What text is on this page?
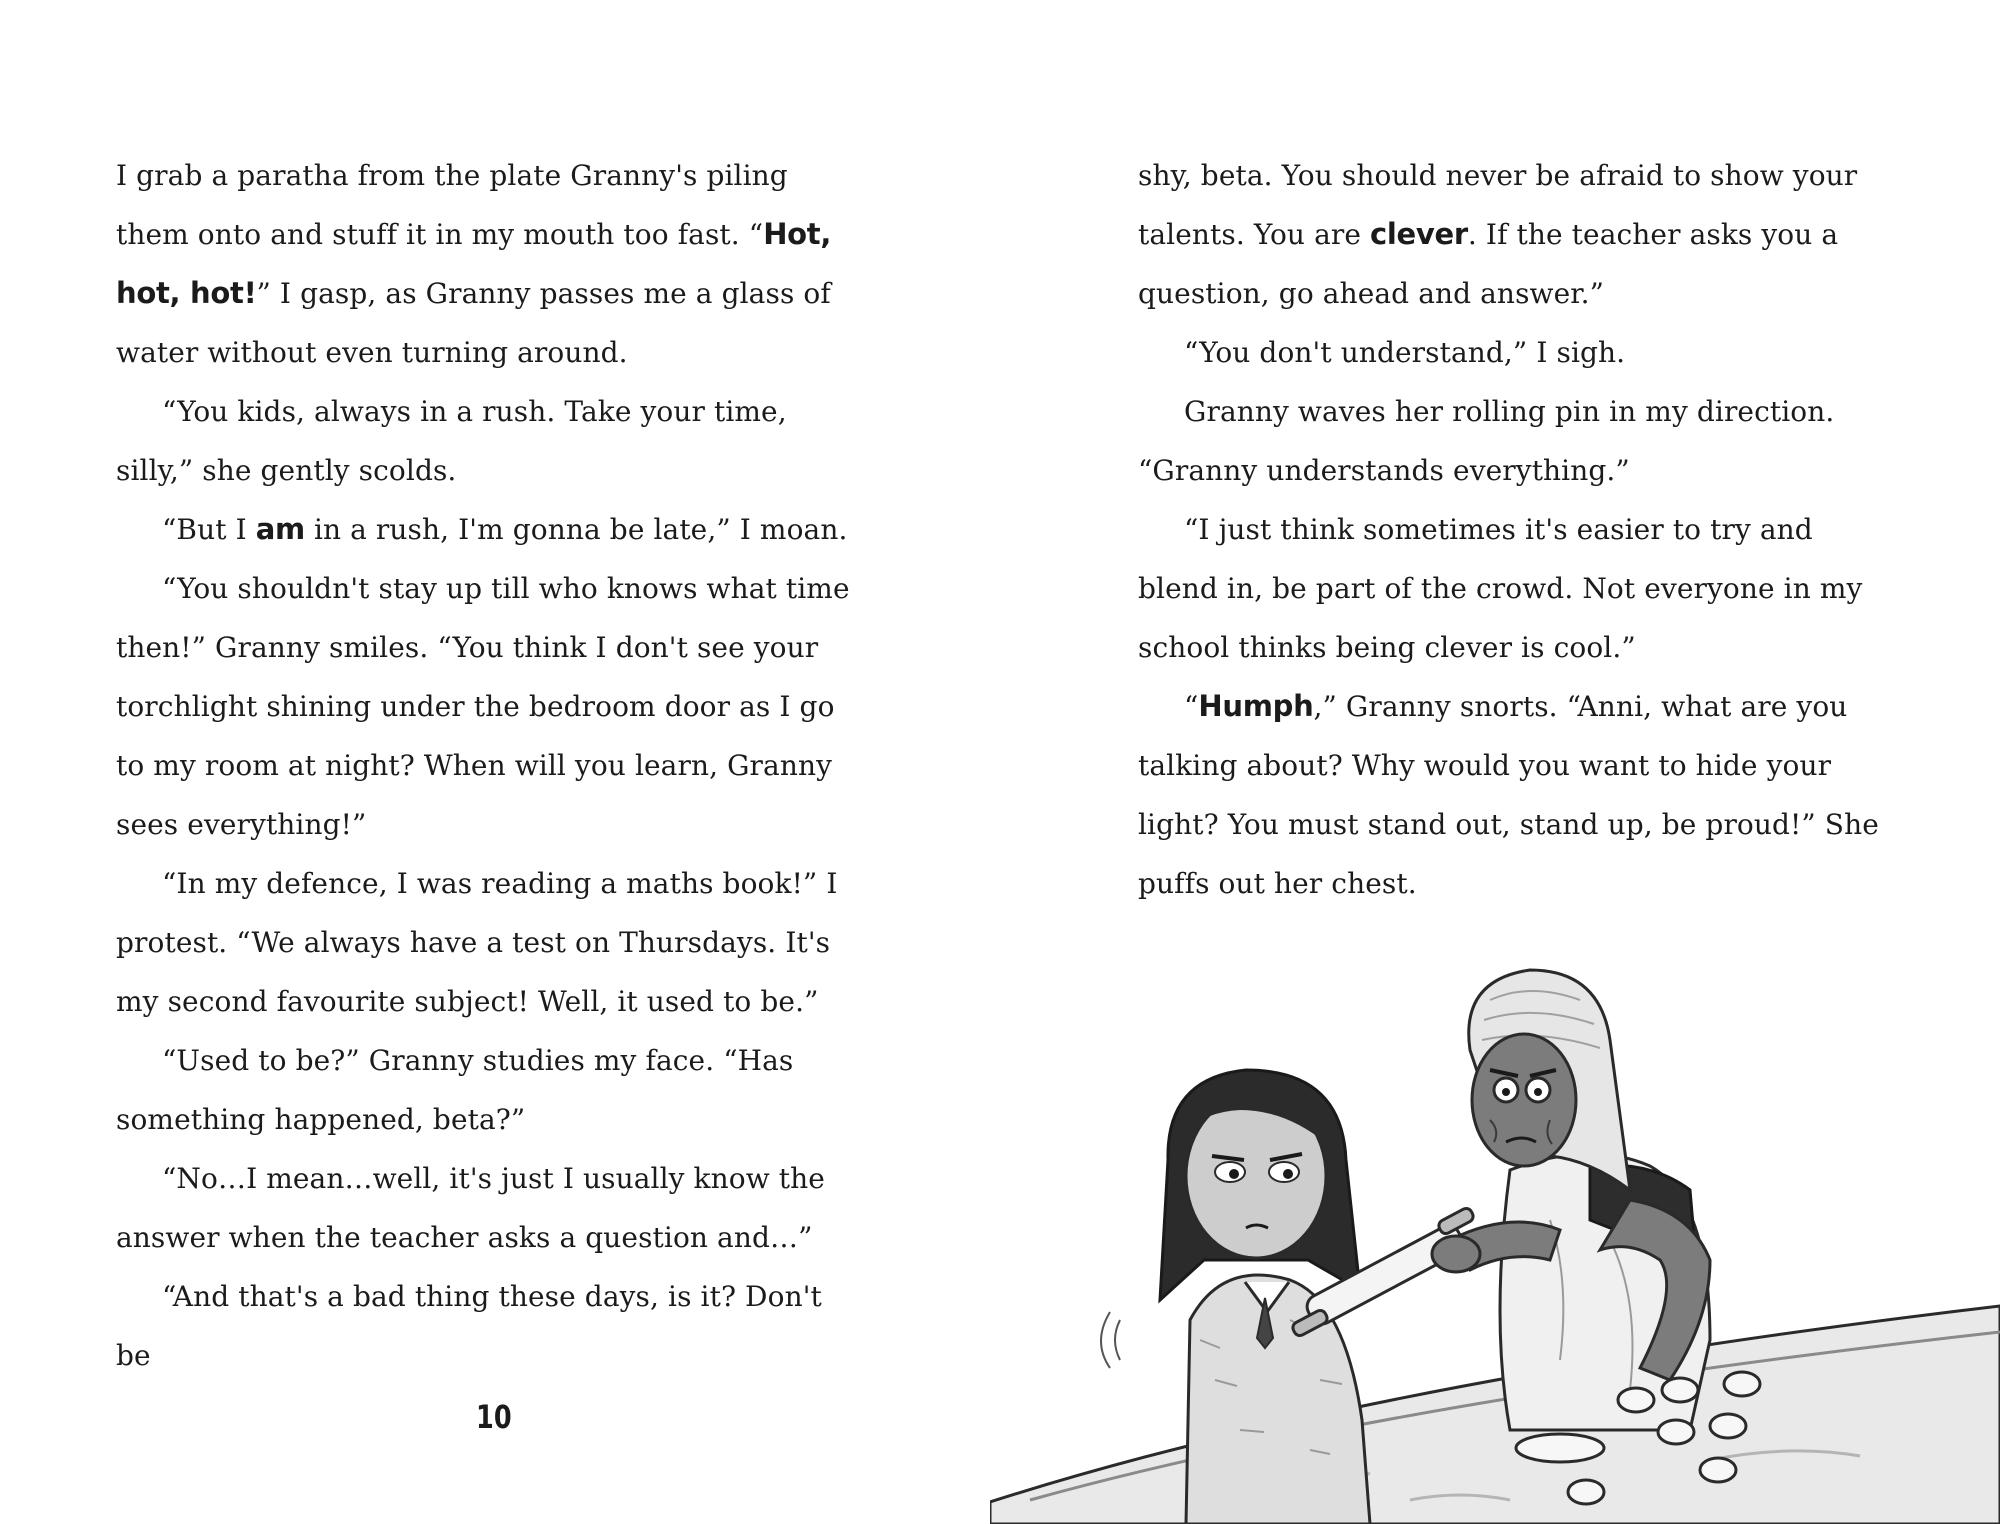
I grab a paratha from the plate Granny's piling them onto and stuff it in my mouth too fast. “Hot, hot, hot!” I gasp, as Granny passes me a glass of water without even turning around.

“You kids, always in a rush. Take your time, silly,” she gently scolds.

“But I am in a rush, I'm gonna be late,” I moan.

“You shouldn't stay up till who knows what time then!” Granny smiles. “You think I don't see your torchlight shining under the bedroom door as I go to my room at night? When will you learn, Granny sees everything!”

“In my defence, I was reading a maths book!” I protest. “We always have a test on Thursdays. It's my second favourite subject! Well, it used to be.”

“Used to be?” Granny studies my face. “Has something happened, beta?”

“No…I mean…well, it's just I usually know the answer when the teacher asks a question and…”

“And that's a bad thing these days, is it? Don't be

10

shy, beta. You should never be afraid to show your talents. You are clever. If the teacher asks you a question, go ahead and answer.”

“You don't understand,” I sigh.

Granny waves her rolling pin in my direction. “Granny understands everything.”

“I just think sometimes it's easier to try and blend in, be part of the crowd. Not everyone in my school thinks being clever is cool.”

“Humph,” Granny snorts. “Anni, what are you talking about? Why would you want to hide your light? You must stand out, stand up, be proud!” She puffs out her chest.
